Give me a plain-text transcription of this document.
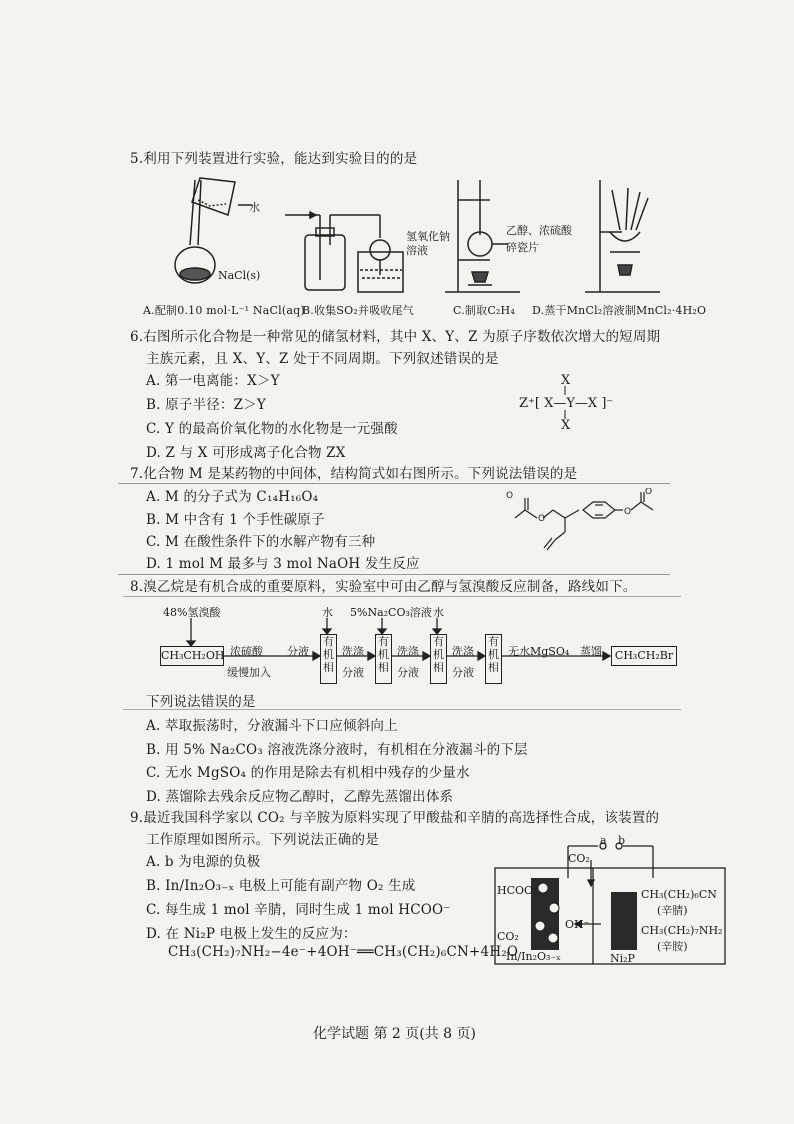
5.利用下列装置进行实验，能达到实验目的的是
水
NaCl(s)
氢氧化钠
溶液
乙醇、浓硫酸
碎瓷片
A.配制0.10 mol·L⁻¹ NaCl(aq)
B.收集SO₂并吸收尾气	C.制取C₂H₄ D.蒸干MnCl₂溶液制MnCl₂·4H₂O
6.右图所示化合物是一种常见的储氢材料，其中 X、Y、Z 为原子序数依次增大的短周期
主族元素，且 X、Y、Z 处于不同周期。下列叙述错误的是
A. 第一电离能：X＞Y
B. 原子半径：Z＞Y
C. Y 的最高价氧化物的水化物是一元强酸
D. Z 与 X 可形成离子化合物 ZX
X
Z⁺[ X—Y—X ]⁻
X
7.化合物 M 是某药物的中间体，结构简式如右图所示。下列说法错误的是
A. M 的分子式为 C₁₄H₁₆O₄
B. M 中含有 1 个手性碳原子
C. M 在酸性条件下的水解产物有三种
D. 1 mol M 最多与 3 mol NaOH 发生反应
O
O
O
O
8.溴乙烷是有机合成的重要原料，实验室中可由乙醇与氢溴酸反应制备，路线如下。
48%氢溴酸
CH₃CH₂OH 浓硫酸
缓慢加入
分液
有机相
水
洗涤
分液
有机相
5%Na₂CO₃溶液
洗涤
分液
有机相
水
洗涤
分液
有机相
无水MgSO₄ 蒸馏	CH₃CH₂Br
下列说法错误的是
A. 萃取振荡时，分液漏斗下口应倾斜向上
B. 用 5% Na₂CO₃ 溶液洗涤分液时，有机相在分液漏斗的下层
C. 无水 MgSO₄ 的作用是除去有机相中残存的少量水
D. 蒸馏除去残余反应物乙醇时，乙醇先蒸馏出体系
9.最近我国科学家以 CO₂ 与辛胺为原料实现了甲酸盐和辛腈的高选择性合成，该装置的
工作原理如图所示。下列说法正确的是
A. b 为电源的负极
B. In/In₂O₃₋ₓ 电极上可能有副产物 O₂ 生成
C. 每生成 1 mol 辛腈，同时生成 1 mol HCOO⁻
D. 在 Ni₂P 电极上发生的反应为：
CH₃(CH₂)₇NH₂−4e⁻+4OH⁻══CH₃(CH₂)₆CN+4H₂O
a b
CO₂
HCOO⁻
CO₂
OH⁻
In/In₂O₃₋ₓ	Ni₂P
CH₃(CH₂)₆CN
(辛腈)
CH₃(CH₂)₇NH₂
(辛胺)
化学试题 第 2 页(共 8 页)
